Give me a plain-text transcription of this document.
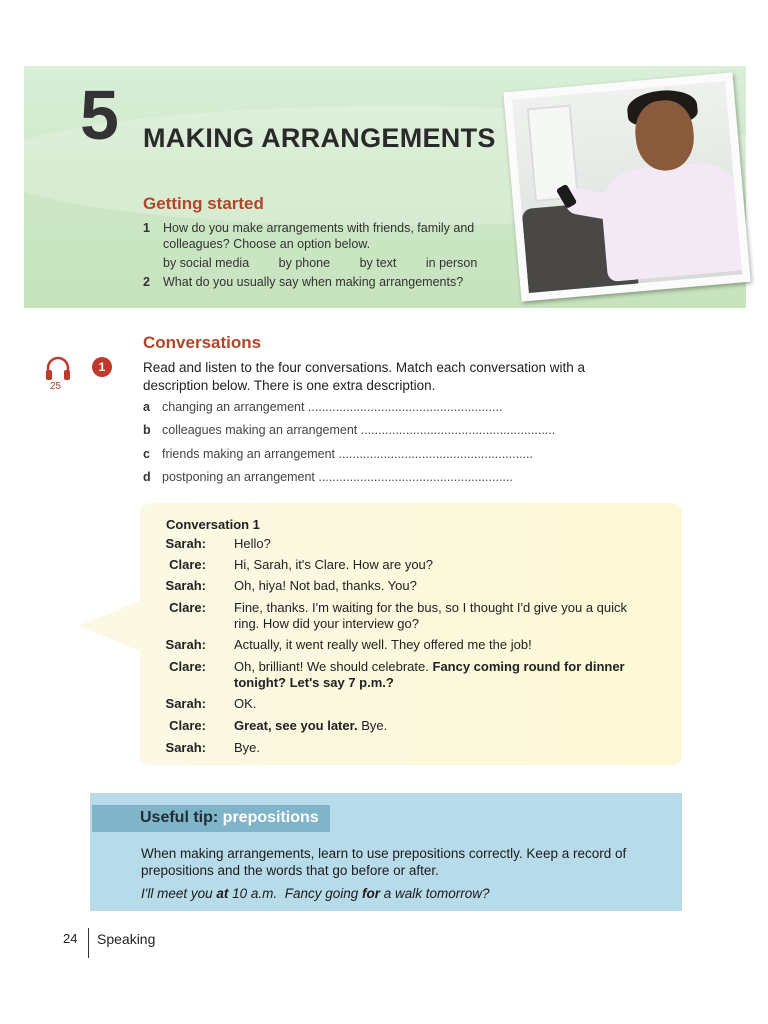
5 MAKING ARRANGEMENTS
Getting started
1 How do you make arrangements with friends, family and
colleagues? Choose an option below.
by social media by phone by text in person
2 What do you usually say when making arrangements?
Conversations
25
1	Read and listen to the four conversations. Match each conversation with a description below. There is one extra description.
a changing an arrangement ........................................................
b colleagues making an arrangement ........................................................
c friends making an arrangement ........................................................
d postponing an arrangement ........................................................
Conversation 1
Sarah: Hello?
Clare: Hi, Sarah, it's Clare. How are you?
Sarah: Oh, hiya! Not bad, thanks. You?
Clare: Fine, thanks. I'm waiting for the bus, so I thought I'd give you a quick ring. How did your interview go?
Sarah: Actually, it went really well. They offered me the job!
Clare: Oh, brilliant! We should celebrate. Fancy coming round for dinner tonight? Let's say 7 p.m.?
Sarah: OK.
Clare: Great, see you later. Bye.
Sarah: Bye.
Useful tip: prepositions
When making arrangements, learn to use prepositions correctly. Keep a record of prepositions and the words that go before or after.
I'll meet you at 10 a.m. Fancy going for a walk tomorrow?
24 Speaking
